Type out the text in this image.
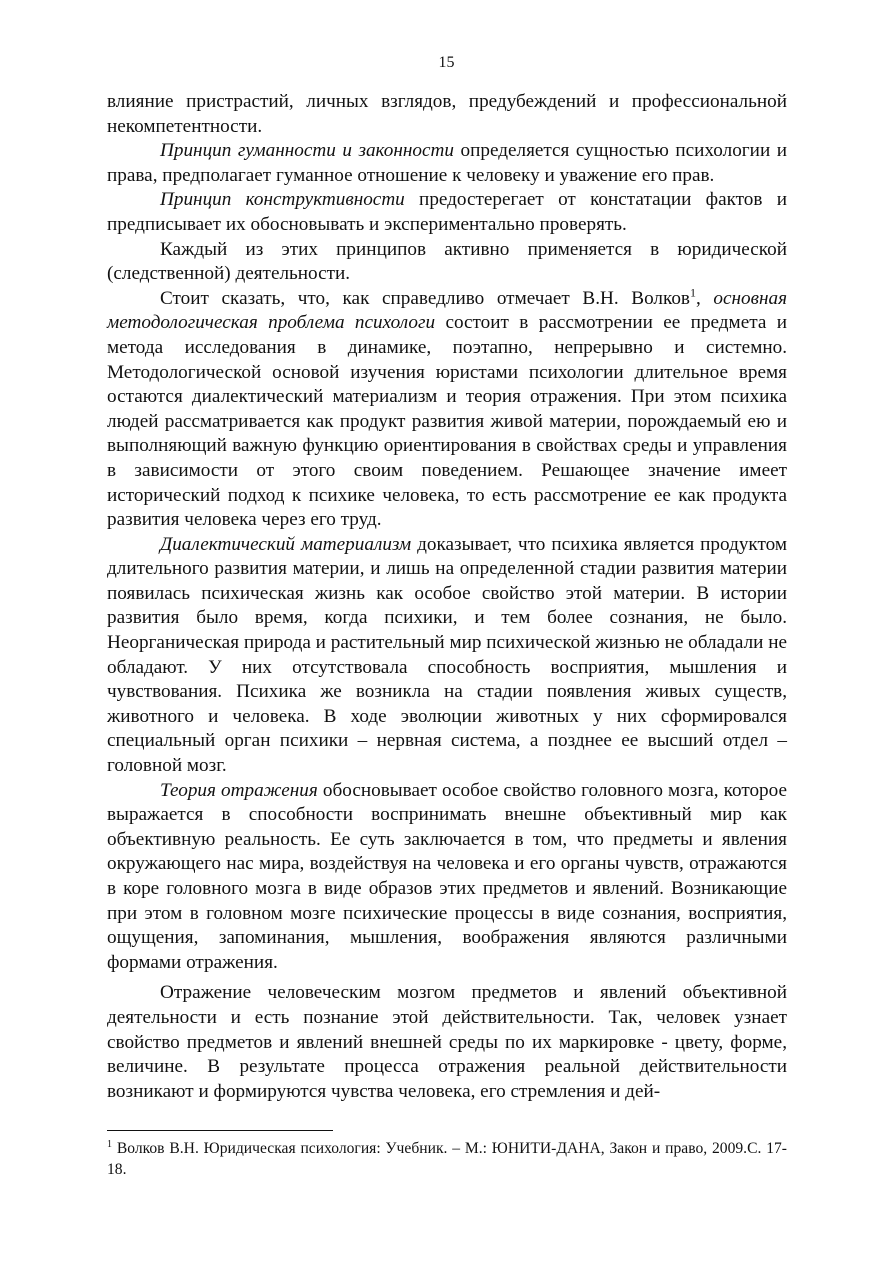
15

влияние пристрастий, личных взглядов, предубеждений и профессиональной некомпетентности.

Принцип гуманности и законности определяется сущностью психологии и права, предполагает гуманное отношение к человеку и уважение его прав.

Принцип конструктивности предостерегает от констатации фактов и предписывает их обосновывать и экспериментально проверять.

Каждый из этих принципов активно применяется в юридической (следственной) деятельности.

Стоит сказать, что, как справедливо отмечает В.Н. Волков$^1$, основная методологическая проблема психологи состоит в рассмотрении ее предмета и метода исследования в динамике, поэтапно, непрерывно и системно. Методологической основой изучения юристами психологии длительное время остаются диалектический материализм и теория отражения. При этом психика людей рассматривается как продукт развития живой материи, порождаемый ею и выполняющий важную функцию ориентирования в свойствах среды и управления в зависимости от этого своим поведением. Решающее значение имеет исторический подход к психике человека, то есть рассмотрение ее как продукта развития человека через его труд.

Диалектический материализм доказывает, что психика является продуктом длительного развития материи, и лишь на определенной стадии развития материи появилась психическая жизнь как особое свойство этой материи. В истории развития было время, когда психики, и тем более сознания, не было. Неорганическая природа и растительный мир психической жизнью не обладали не обладают. У них отсутствовала способность восприятия, мышления и чувствования. Психика же возникла на стадии появления живых существ, животного и человека. В ходе эволюции животных у них сформировался специальный орган психики – нервная система, а позднее ее высший отдел – головной мозг.

Теория отражения обосновывает особое свойство головного мозга, которое выражается в способности воспринимать внешне объективный мир как объективную реальность. Ее суть заключается в том, что предметы и явления окружающего нас мира, воздействуя на человека и его органы чувств, отражаются в коре головного мозга в виде образов этих предметов и явлений. Возникающие при этом в головном мозге психические процессы в виде сознания, восприятия, ощущения, запоминания, мышления, воображения являются различными формами отражения.

Отражение человеческим мозгом предметов и явлений объективной деятельности и есть познание этой действительности. Так, человек узнает свойство предметов и явлений внешней среды по их маркировке - цвету, форме, величине. В результате процесса отражения реальной действительности возникают и формируются чувства человека, его стремления и дей-

$^1$ Волков В.Н. Юридическая психология: Учебник. – М.: ЮНИТИ-ДАНА, Закон и право, 2009.С. 17-18.
